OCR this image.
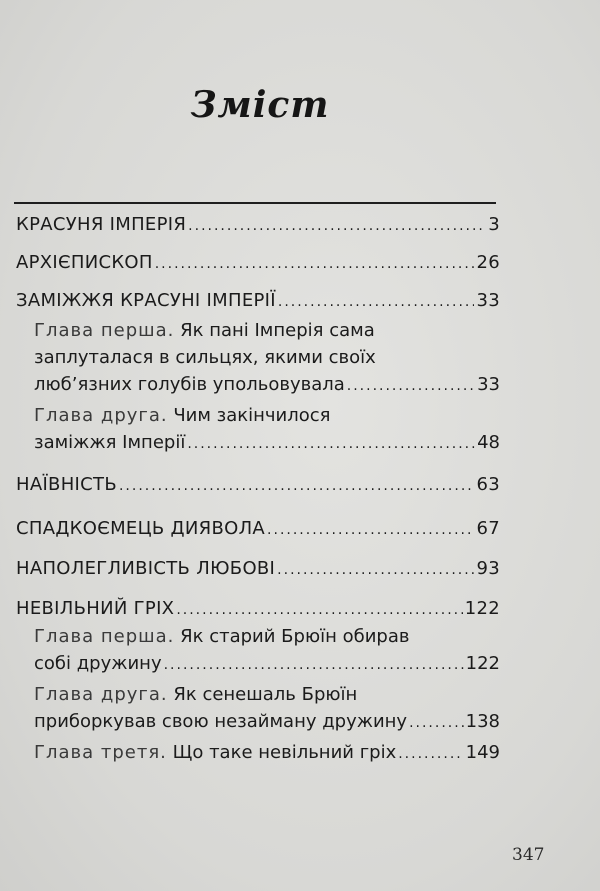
Зміст
КРАСУНЯ ІМПЕРІЯ .....	3
АРХІЄПИСКОП .....	26
ЗАМІЖЖЯ КРАСУНІ ІМПЕРІЇ .....	33
Глава перша. Як пані Імперія сама
заплуталася в сильцях, якими своїх
люб’язних голубів упольовувала .....	33
Глава друга. Чим закінчилося
заміжжя Імперії .....	48
НАЇВНІСТЬ .....	63
СПАДКОЄМЕЦЬ ДИЯВОЛА .....	67
НАПОЛЕГЛИВІСТЬ ЛЮБОВІ .....	93
НЕВІЛЬНИЙ ГРІХ .....	122
Глава перша. Як старий Брюїн обирав
собі дружину .....	122
Глава друга. Як сенешаль Брюїн
приборкував свою незайману дружину .....	138
Глава третя. Що таке невільний гріх .....	149
347
